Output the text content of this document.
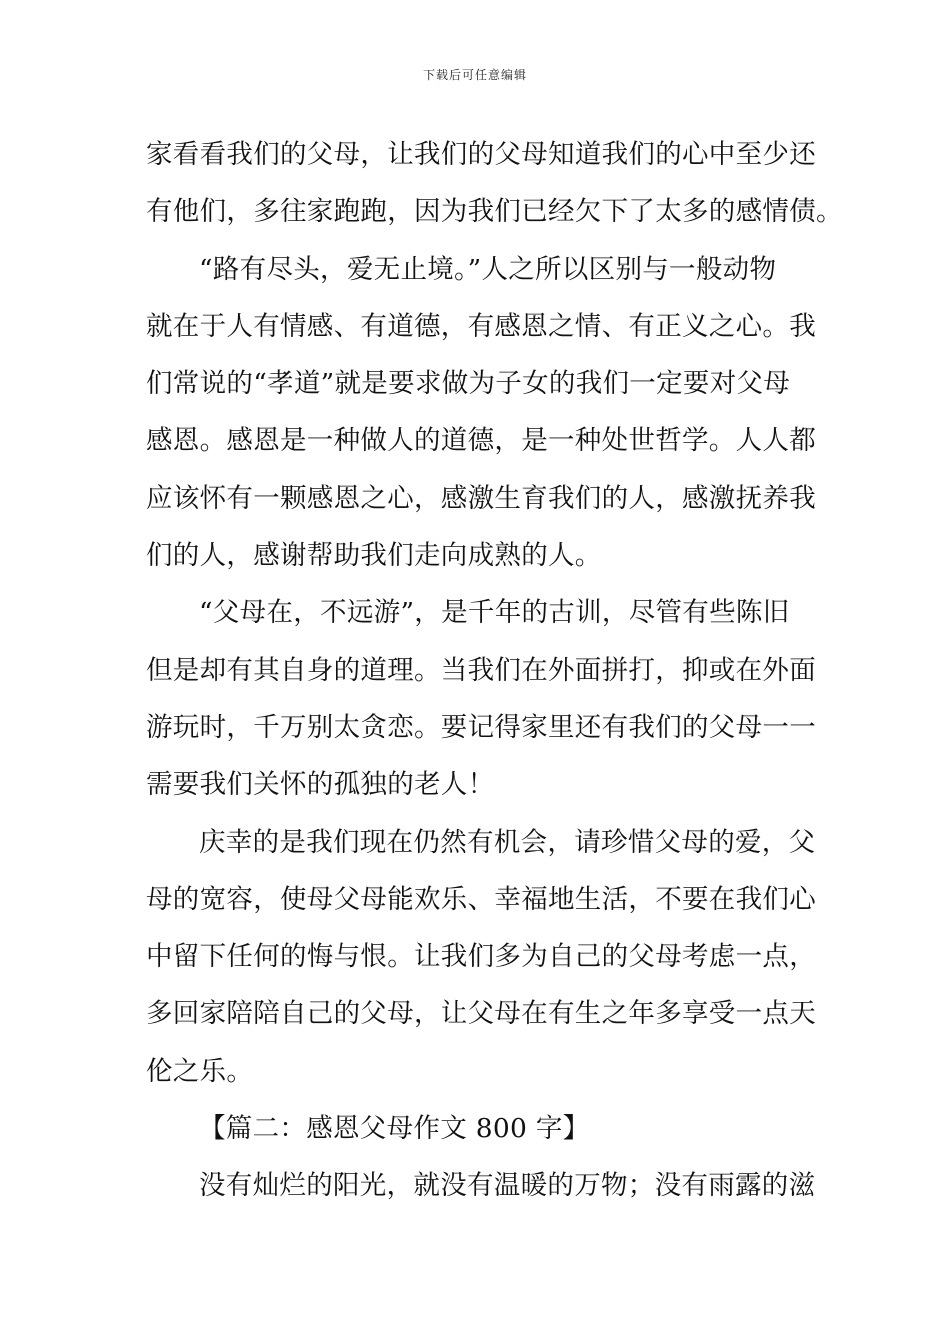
下载后可任意编辑
家看看我们的父母，让我们的父母知道我们的心中至少还
有他们，多往家跑跑，因为我们已经欠下了太多的感情债。
“路有尽头，爱无止境。”人之所以区别与一般动物
就在于人有情感、有道德，有感恩之情、有正义之心。我
们常说的“孝道”就是要求做为子女的我们一定要对父母
感恩。感恩是一种做人的道德，是一种处世哲学。人人都
应该怀有一颗感恩之心，感激生育我们的人，感激抚养我
们的人，感谢帮助我们走向成熟的人。
“父母在，不远游”，是千年的古训，尽管有些陈旧
但是却有其自身的道理。当我们在外面拼打，抑或在外面
游玩时，千万别太贪恋。要记得家里还有我们的父母一一
需要我们关怀的孤独的老人！
庆幸的是我们现在仍然有机会，请珍惜父母的爱，父
母的宽容，使母父母能欢乐、幸福地生活，不要在我们心
中留下任何的悔与恨。让我们多为自己的父母考虑一点，
多回家陪陪自己的父母，让父母在有生之年多享受一点天
伦之乐。
【篇二：感恩父母作文 800 字】
没有灿烂的阳光，就没有温暖的万物；没有雨露的滋
